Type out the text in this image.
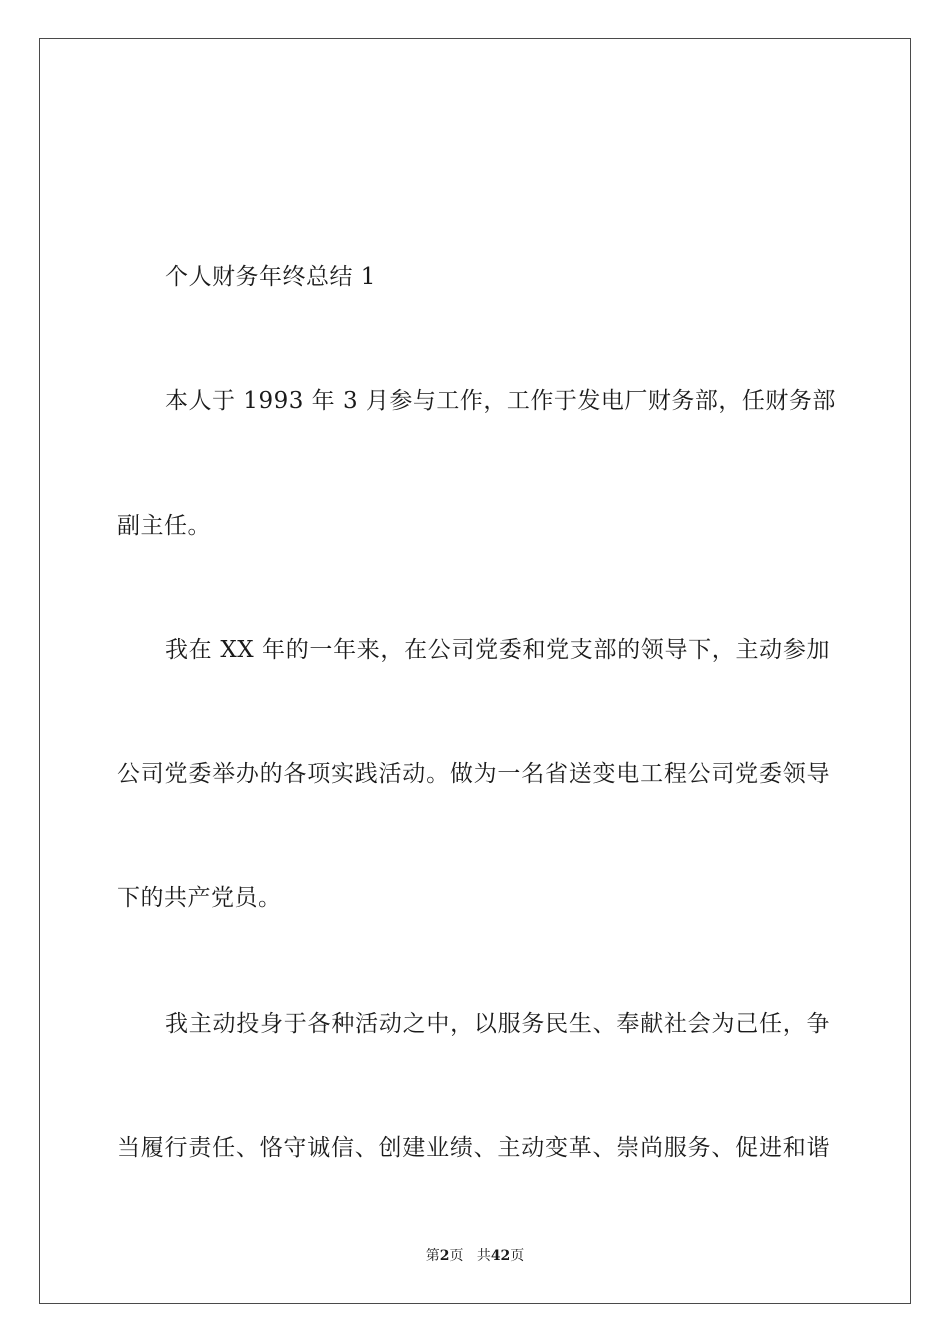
个人财务年终总结 1
本人于 1993 年 3 月参与工作，工作于发电厂财务部，任财务部
副主任。
我在 XX 年的一年来，在公司党委和党支部的领导下，主动参加
公司党委举办的各项实践活动。做为一名省送变电工程公司党委领导
下的共产党员。
我主动投身于各种活动之中，以服务民生、奉献社会为己任，争
当履行责任、恪守诚信、创建业绩、主动变革、崇尚服务、促进和谐
第2页 共42页
